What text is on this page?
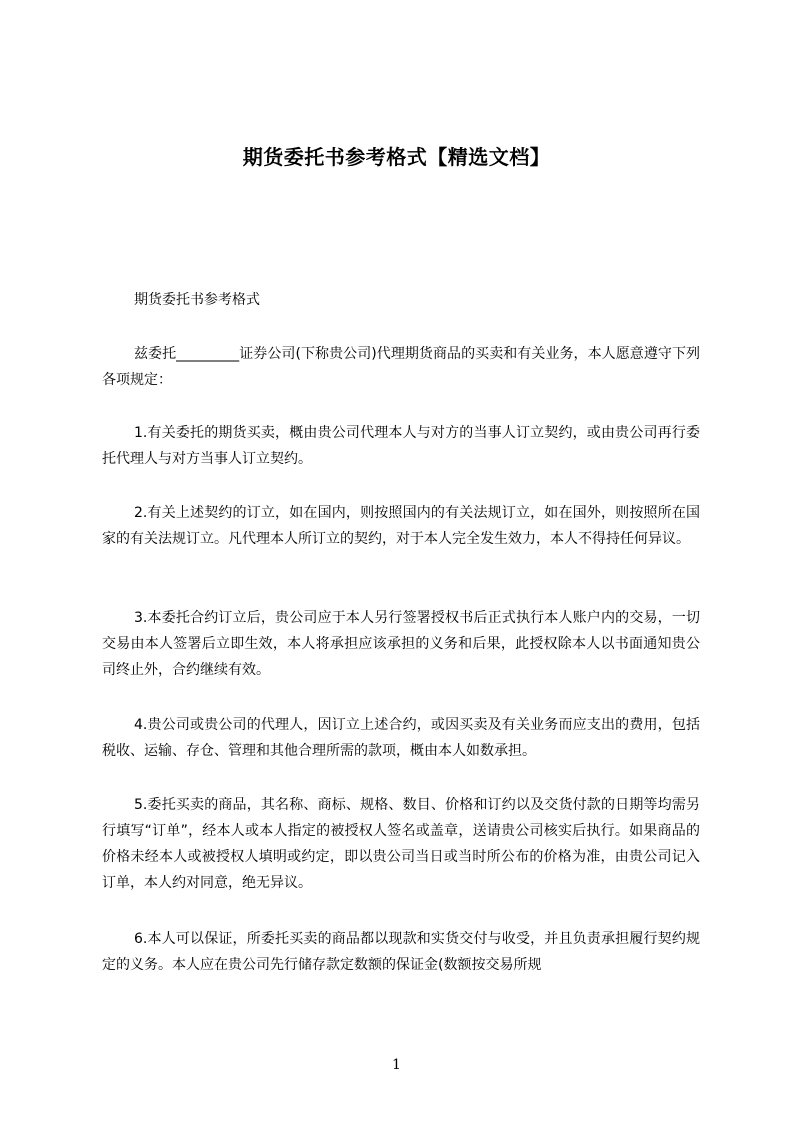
期货委托书参考格式【精选文档】

期货委托书参考格式

兹委托_________证券公司(下称贵公司)代理期货商品的买卖和有关业务，本人愿意遵守下列各项规定：

1.有关委托的期货买卖，概由贵公司代理本人与对方的当事人订立契约，或由贵公司再行委托代理人与对方当事人订立契约。

2.有关上述契约的订立，如在国内，则按照国内的有关法规订立，如在国外，则按照所在国家的有关法规订立。凡代理本人所订立的契约，对于本人完全发生效力，本人不得持任何异议。

3.本委托合约订立后，贵公司应于本人另行签署授权书后正式执行本人账户内的交易，一切交易由本人签署后立即生效，本人将承担应该承担的义务和后果，此授权除本人以书面通知贵公司终止外，合约继续有效。

4.贵公司或贵公司的代理人，因订立上述合约，或因买卖及有关业务而应支出的费用，包括税收、运输、存仓、管理和其他合理所需的款项，概由本人如数承担。

5.委托买卖的商品，其名称、商标、规格、数目、价格和订约以及交货付款的日期等均需另行填写“订单”，经本人或本人指定的被授权人签名或盖章，送请贵公司核实后执行。如果商品的价格未经本人或被授权人填明或约定，即以贵公司当日或当时所公布的价格为准，由贵公司记入订单，本人约对同意，绝无异议。

6.本人可以保证，所委托买卖的商品都以现款和实货交付与收受，并且负责承担履行契约规定的义务。本人应在贵公司先行储存款定数额的保证金(数额按交易所规

1
